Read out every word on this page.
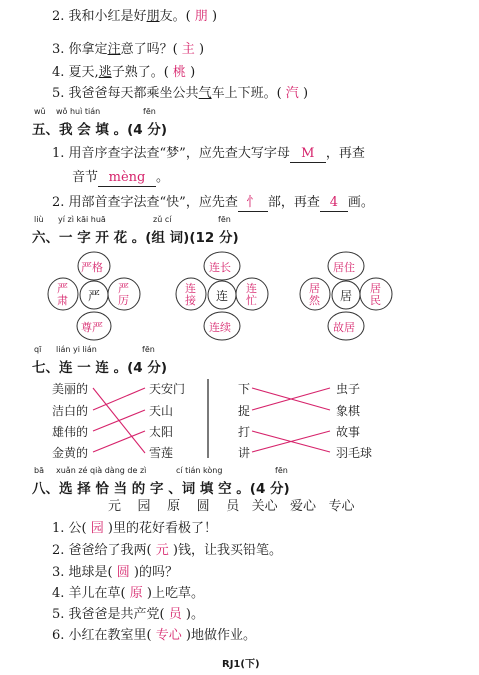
2. 我和小红是好朋友。( 朋 )
3. 你拿定注意了吗？( 主 )
4. 夏天,逃子熟了。( 桃 )
5. 我爸爸每天都乘坐公共气车上下班。( 汽 )
wǔ wǒ huì tián	fēn
五、我 会 填 。(4 分)
1. 用音序查字法查“梦”，应先查大写字母 M ，再查
音节 mèng 。
2. 用部首查字法查“快”，应先查 忄 部，再查 4 画。
liù yí zì kāi huā	zǔ cí	fēn
六、一 字 开 花 。(组 词)(12 分)
严格
严厉
尊严
严肃 严
连长
连忙
连续
连接 连
居住
居民
故居
居然 居
qī lián yi lián	fēn
七、连 一 连 。(4 分)
美丽的
洁白的
雄伟的
金黄的
天安门
天山
太阳
雪莲
下
捉
打
讲
虫子
象棋
故事
羽毛球
bā xuǎn zé qià dàng de zì	cí tián kòng	fēn
八、选 择 恰 当 的 字 、词 填 空 。(4 分)
元 园 原 圆 员 关心 爱心 专心
1. 公( 园 )里的花好看极了！
2. 爸爸给了我两( 元 )钱，让我买铅笔。
3. 地球是( 圆 )的吗？
4. 羊儿在草( 原 )上吃草。
5. 我爸爸是共产党( 员 )。
6. 小红在教室里( 专心 )地做作业。
RJ1(下)
